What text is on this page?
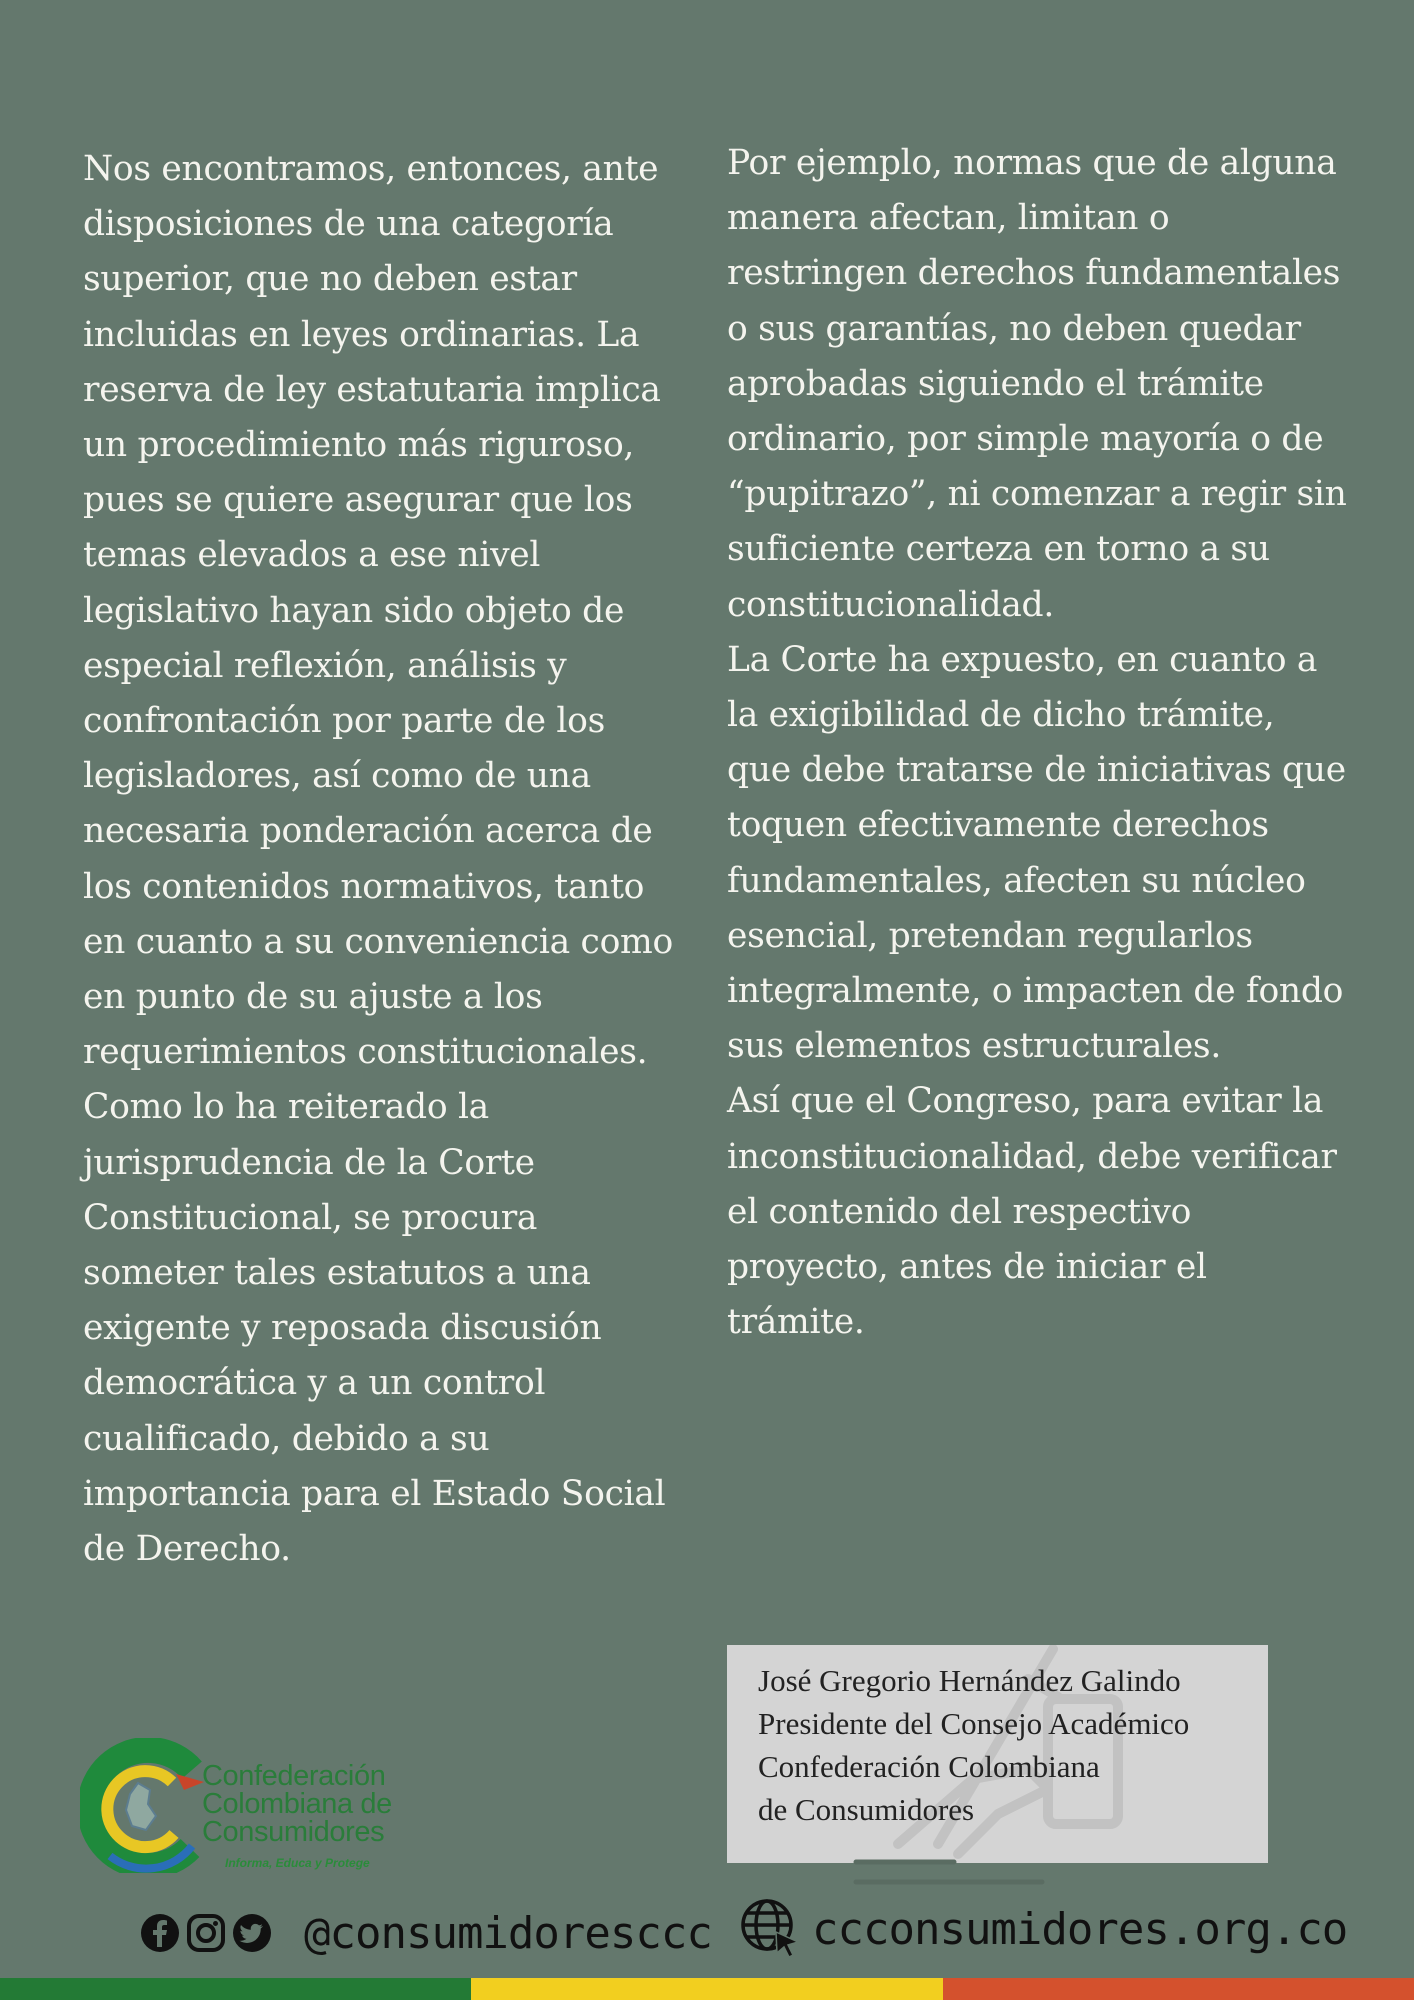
Nos encontramos, entonces, ante disposiciones de una categoría superior, que no deben estar incluidas en leyes ordinarias. La reserva de ley estatutaria implica un procedimiento más riguroso, pues se quiere asegurar que los temas elevados a ese nivel legislativo hayan sido objeto de especial reflexión, análisis y confrontación por parte de los legisladores, así como de una necesaria ponderación acerca de los contenidos normativos, tanto en cuanto a su conveniencia como en punto de su ajuste a los requerimientos constitucionales. Como lo ha reiterado la jurisprudencia de la Corte Constitucional, se procura someter tales estatutos a una exigente y reposada discusión democrática y a un control cualificado, debido a su importancia para el Estado Social de Derecho.

Por ejemplo, normas que de alguna manera afectan, limitan o restringen derechos fundamentales o sus garantías, no deben quedar aprobadas siguiendo el trámite ordinario, por simple mayoría o de “pupitrazo”, ni comenzar a regir sin suficiente certeza en torno a su constitucionalidad.

La Corte ha expuesto, en cuanto a la exigibilidad de dicho trámite, que debe tratarse de iniciativas que toquen efectivamente derechos fundamentales, afecten su núcleo esencial, pretendan regularlos integralmente, o impacten de fondo sus elementos estructurales.

Así que el Congreso, para evitar la inconstitucionalidad, debe verificar el contenido del respectivo proyecto, antes de iniciar el trámite.

José Gregorio Hernández Galindo
Presidente del Consejo Académico
Confederación Colombiana
de Consumidores
Confederación
Colombiana de
Consumidores
Informa, Educa y Protege
@consumidoresccc ccconsumidores.org.co
